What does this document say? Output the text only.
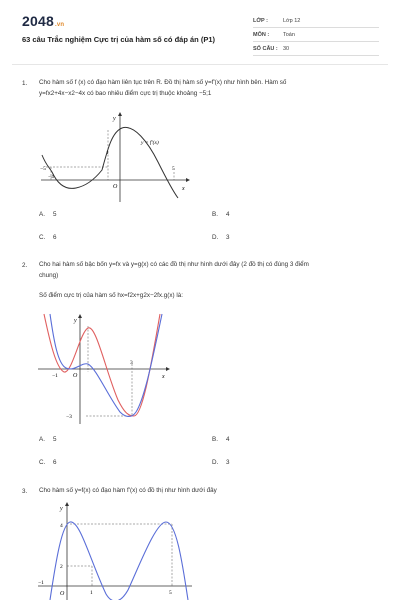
2048.vn
63 câu Trắc nghiệm Cực trị của hàm số có đáp án (P1)
LỚP :	Lớp 12
MÔN :	Toán
SỐ CÂU : 30
1. Cho hàm số f (x) có đạo hàm liên tục trên R. Đồ thị hàm số y=f'(x) như hình bên. Hàm số
y=fx2+4x−x2−4x có bao nhiêu điểm cực trị thuộc khoảng −5;1
y
x
O
y = f'(x)
−5
−4
5
1
A. 5	B. 4
C. 6	D. 3
2. Cho hai hàm số bậc bốn y=fx và y=g(x) có các đồ thị như hình dưới đây (2 đồ thị có đúng 3 điểm
chung)
Số điểm cực trị của hàm số hx=f2x+g2x−2fx.g(x) là:
y
x
O
−1
3
−3
A. 5	B. 4
C. 6	D. 3
3. Cho hàm số y=f(x) có đạo hàm f'(x) có đồ thị như hình dưới đây
y
O
−1
1	5
4
2
